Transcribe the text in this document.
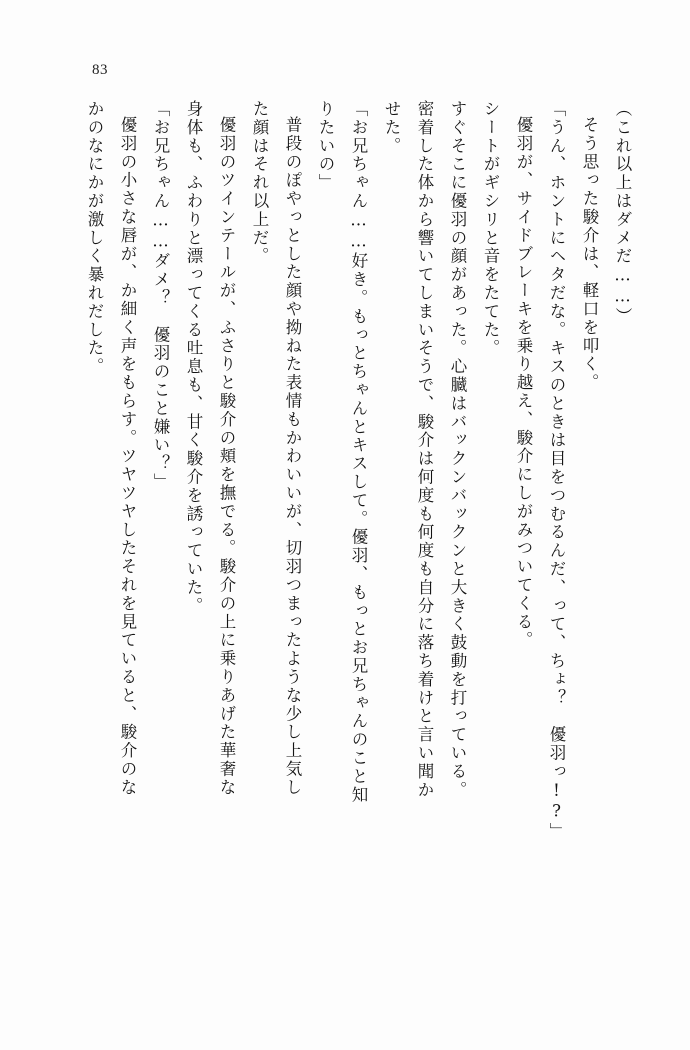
83
（これ以上はダメだ……）
そう思った駿介は、軽口を叩く。
「うん、ホントにヘタだな。キスのときは目をつむるんだ、って、ちょ？　優羽っ!?」
優羽が、サイドブレーキを乗り越え、駿介にしがみついてくる。
シートがギシリと音をたてた。
すぐそこに優羽の顔があった。心臓はバックンバックンと大きく鼓動を打っている。
密着した体から響いてしまいそうで、駿介は何度も何度も自分に落ち着けと言い聞か
せた。
「お兄ちゃん……好き。もっとちゃんとキスして。優羽、もっとお兄ちゃんのこと知
りたいの」
普段のぽやっとした顔や拗ねた表情もかわいいが、切羽つまったような少し上気し
た顔はそれ以上だ。
優羽のツインテールが、ふさりと駿介の頬を撫でる。駿介の上に乗りあげた華奢な
身体も、ふわりと漂ってくる吐息も、甘く駿介を誘っていた。
「お兄ちゃん……ダメ？　優羽のこと嫌い？」
優羽の小さな唇が、か細く声をもらす。ツヤツヤしたそれを見ていると、駿介のな
かのなにかが激しく暴れだした。
